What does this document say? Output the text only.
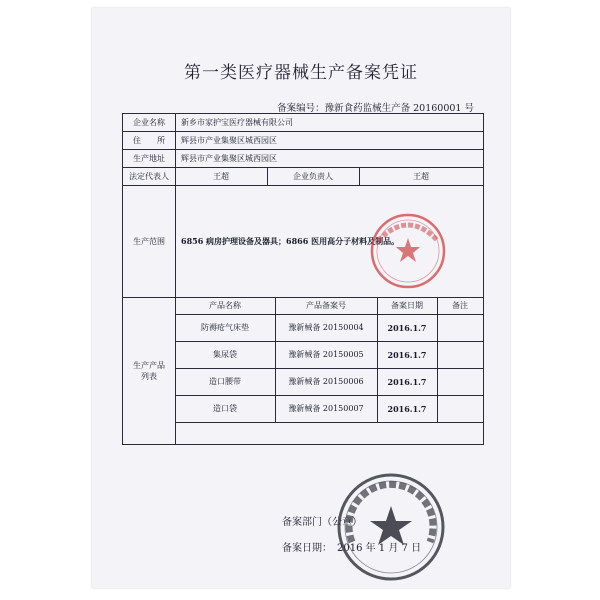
第一类医疗器械生产备案凭证
备案编号：豫新食药监械生产备 20160001 号
企业名称	新乡市家护宝医疗器械有限公司
住　　所	辉县市产业集聚区城西园区
生产地址	辉县市产业集聚区城西园区
法定代表人	王超	企业负责人	王超
生产范围	6856 病房护理设备及器具；6866 医用高分子材料及制品。
生产产品
列表
产品名称	产品备案号	备案日期	备注
防褥疮气床垫	豫新械备 20150004	2016.1.7
集尿袋	豫新械备 20150005	2016.1.7
造口腰带	豫新械备 20150006	2016.1.7
造口袋	豫新械备 20150007	2016.1.7
备案部门（公章）
备案日期：　2016 年 1 月 7 日
